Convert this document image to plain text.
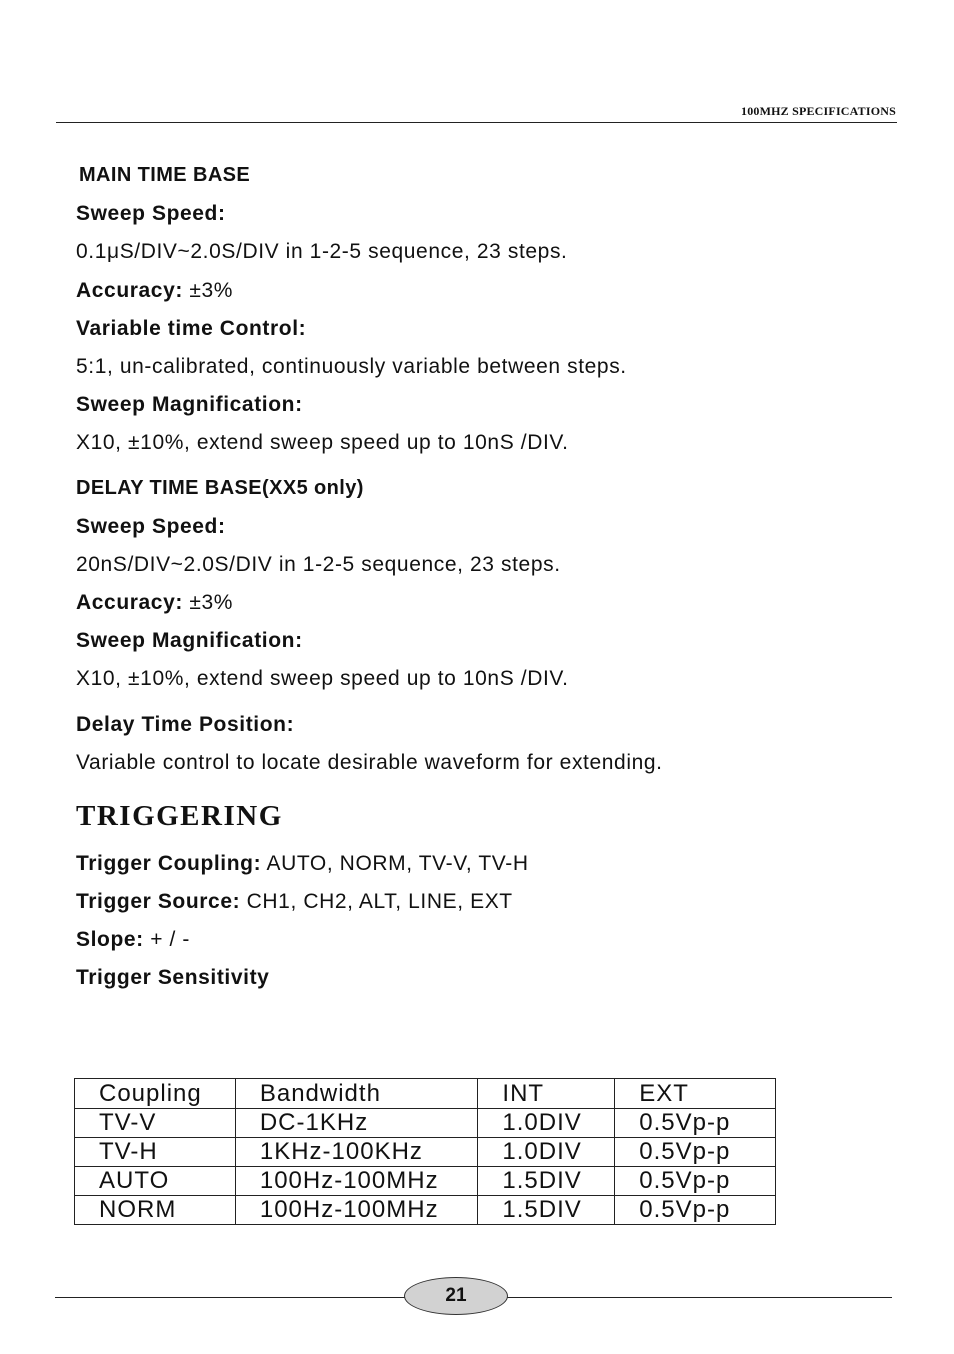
100MHZ SPECIFICATIONS
MAIN TIME BASE
Sweep Speed:
0.1μS/DIV~2.0S/DIV in 1-2-5 sequence, 23 steps.
Accuracy: ±3%
Variable time Control:
5:1, un-calibrated, continuously variable between steps.
Sweep Magnification:
X10, ±10%, extend sweep speed up to 10nS /DIV.
DELAY TIME BASE(XX5 only)
Sweep Speed:
20nS/DIV~2.0S/DIV in 1-2-5 sequence, 23 steps.
Accuracy: ±3%
Sweep Magnification:
X10, ±10%, extend sweep speed up to 10nS /DIV.
Delay Time Position:
Variable control to locate desirable waveform for extending.
TRIGGERING
Trigger Coupling: AUTO, NORM, TV-V, TV-H
Trigger Source: CH1, CH2, ALT, LINE, EXT
Slope: + / -
Trigger Sensitivity
Coupling	Bandwidth	INT	EXT
TV-V	DC-1KHz	1.0DIV	0.5Vp-p
TV-H	1KHz-100KHz	1.0DIV	0.5Vp-p
AUTO	100Hz-100MHz	1.5DIV	0.5Vp-p
NORM	100Hz-100MHz	1.5DIV	0.5Vp-p
21
